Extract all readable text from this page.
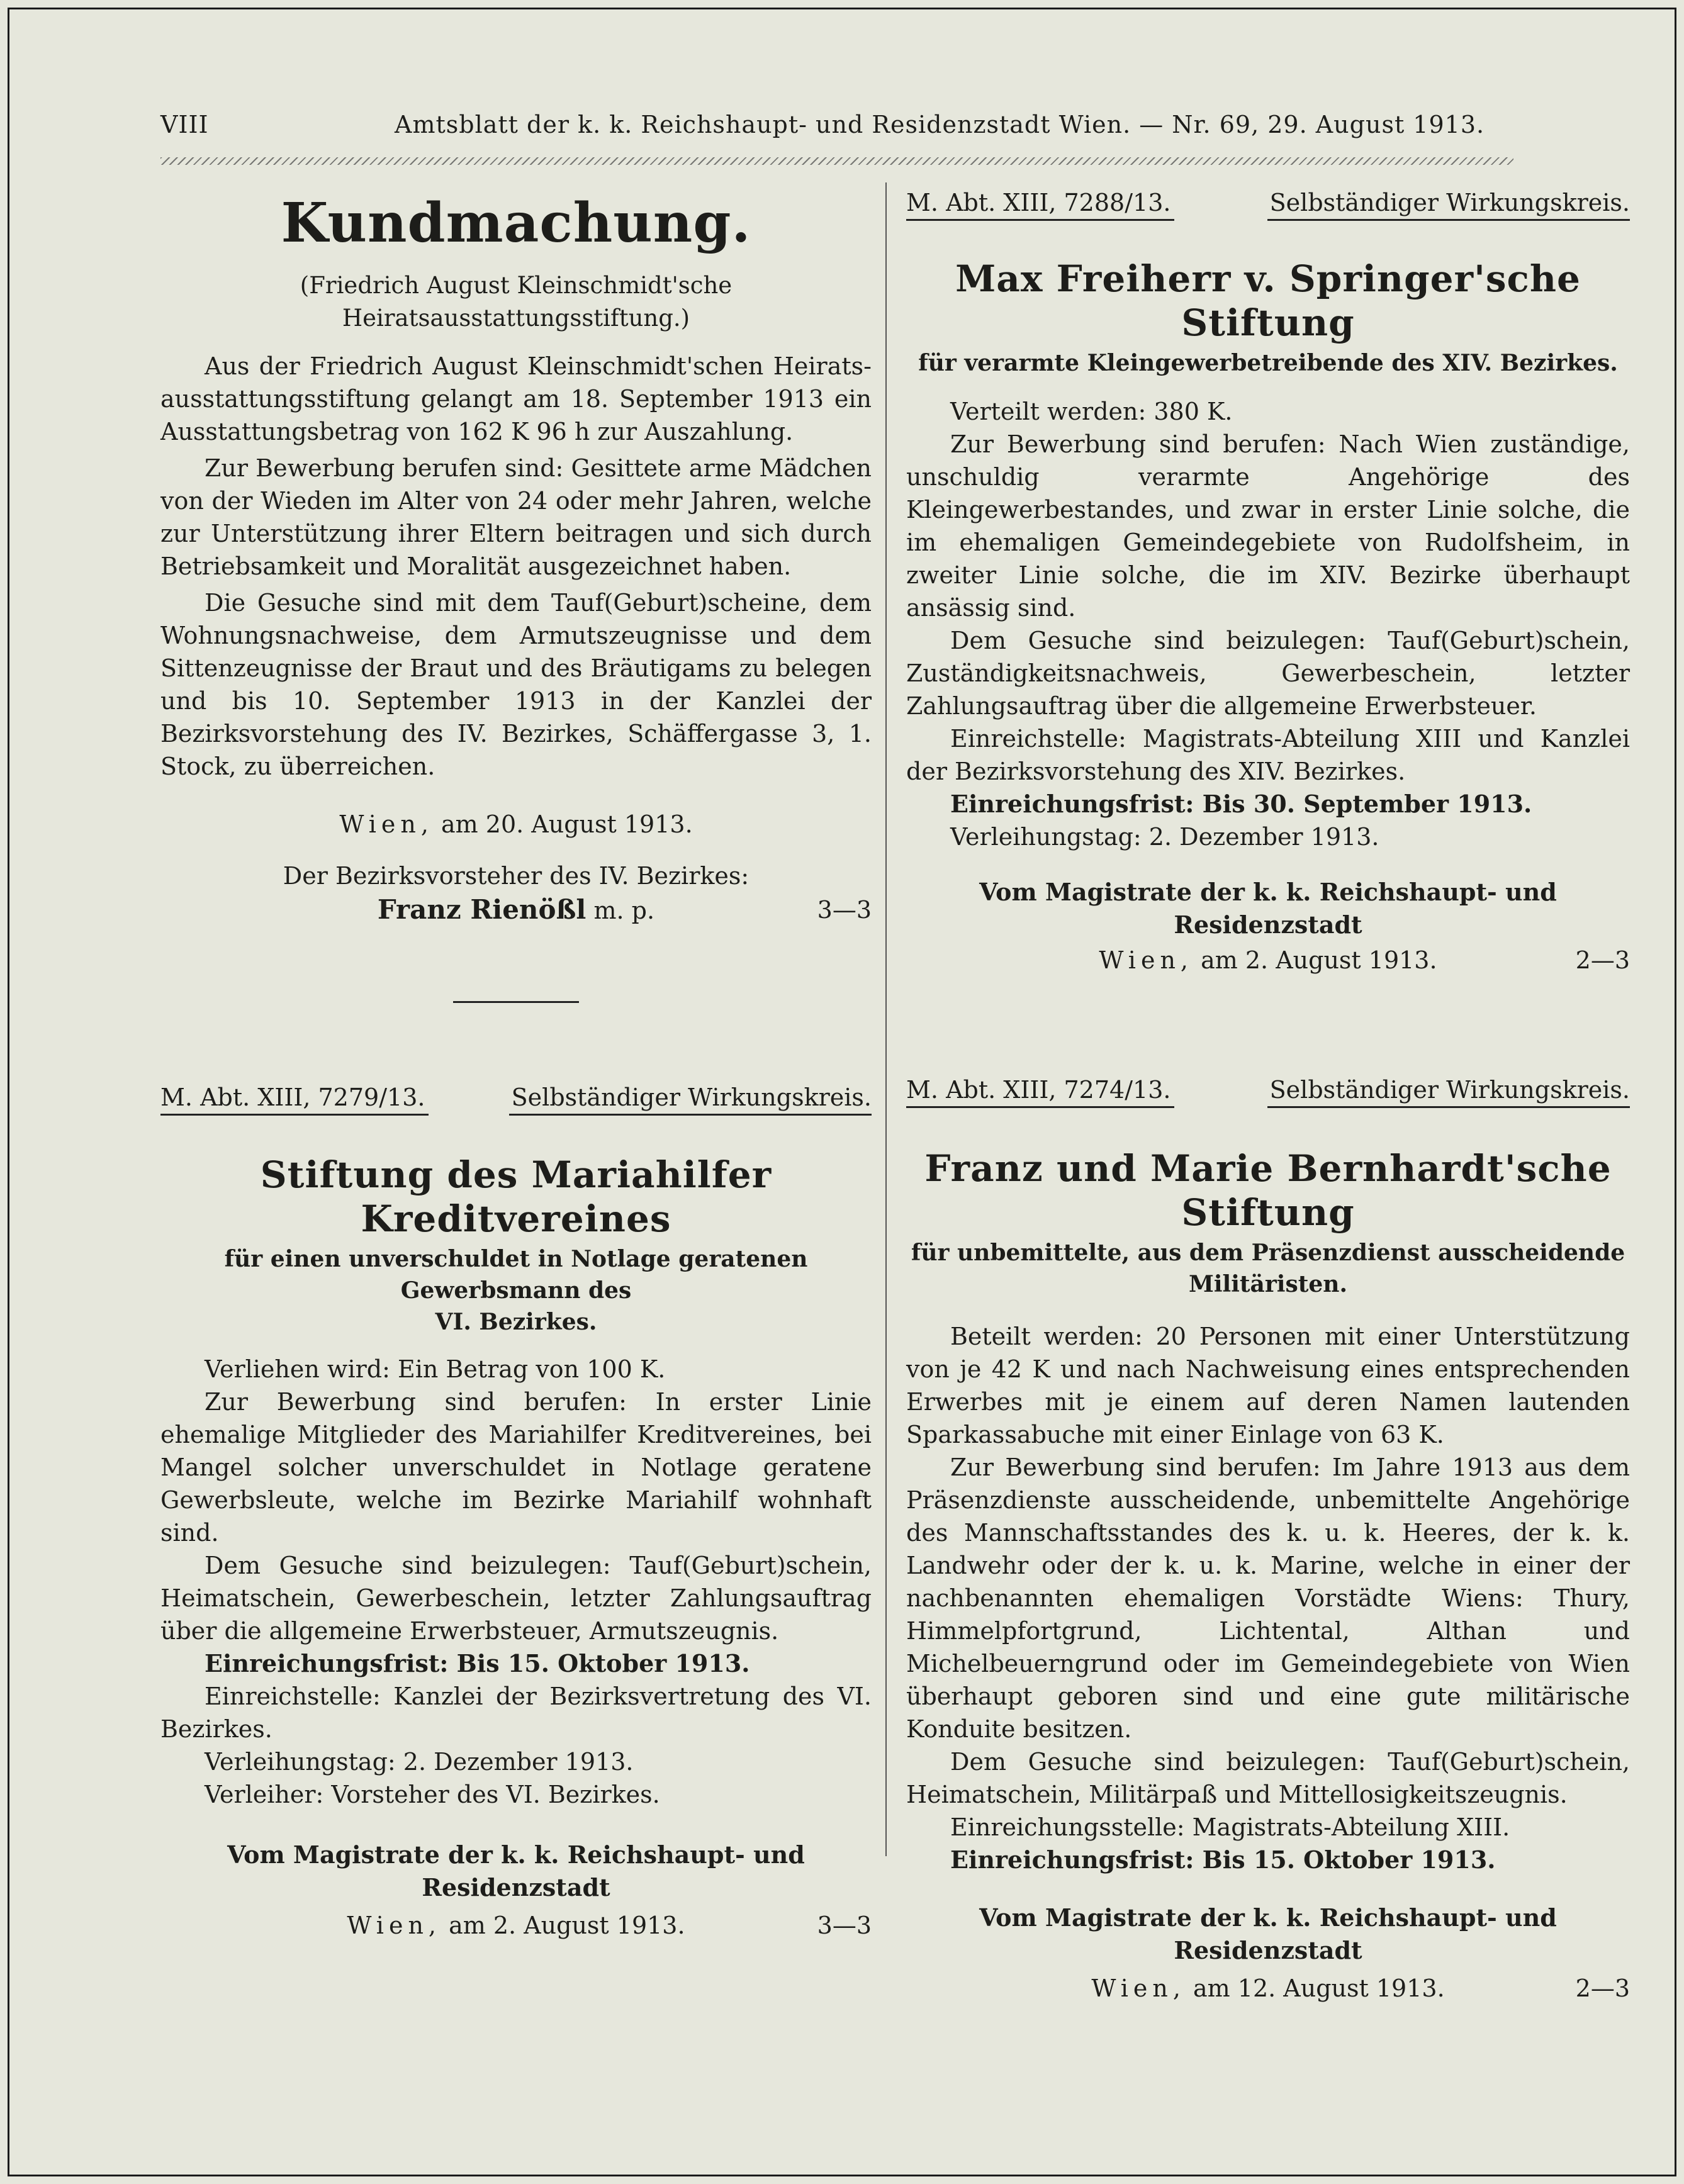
VIII	Amtsblatt der k. k. Reichshaupt- und Residenzstadt Wien. — Nr. 69, 29. August 1913.
Kundmachung.
(Friedrich August Kleinschmidt'sche Heiratsausstattungsstiftung.)

Aus der Friedrich August Kleinschmidt'schen Heiratsausstattungsstiftung gelangt am 18. September 1913 ein Ausstattungsbetrag von 162 K 96 h zur Auszahlung.

Zur Bewerbung berufen sind: Gesittete arme Mädchen von der Wieden im Alter von 24 oder mehr Jahren, welche zur Unterstützung ihrer Eltern beitragen und sich durch Betriebsamkeit und Moralität ausgezeichnet haben.

Die Gesuche sind mit dem Tauf(Geburt)scheine, dem Wohnungsnachweise, dem Armutszeugnisse und dem Sittenzeugnisse der Braut und des Bräutigams zu belegen und bis 10. September 1913 in der Kanzlei der Bezirksvorstehung des IV. Bezirkes, Schäffergasse 3, 1. Stock, zu überreichen.

Wien, am 20. August 1913.
Der Bezirksvorsteher des IV. Bezirkes:
Franz Rienößl m. p.	3—3
M. Abt. XIII, 7279/13.	Selbständiger Wirkungskreis.
Stiftung des Mariahilfer Kreditvereines
für einen unverschuldet in Notlage geratenen Gewerbsmann des
VI. Bezirkes.

Verliehen wird: Ein Betrag von 100 K.

Zur Bewerbung sind berufen: In erster Linie ehemalige Mitglieder des Mariahilfer Kreditvereines, bei Mangel solcher unverschuldet in Notlage geratene Gewerbsleute, welche im Bezirke Mariahilf wohnhaft sind.

Dem Gesuche sind beizulegen: Tauf(Geburt)schein, Heimatschein, Gewerbeschein, letzter Zahlungsauftrag über die allgemeine Erwerbsteuer, Armutszeugnis.

Einreichungsfrist: Bis 15. Oktober 1913.

Einreichstelle: Kanzlei der Bezirksvertretung des VI. Bezirkes.

Verleihungstag: 2. Dezember 1913.

Verleiher: Vorsteher des VI. Bezirkes.

Vom Magistrate der k. k. Reichshaupt- und Residenzstadt
Wien, am 2. August 1913.	3—3
M. Abt. XIII, 7288/13.	Selbständiger Wirkungskreis.
Max Freiherr v. Springer'sche Stiftung
für verarmte Kleingewerbetreibende des XIV. Bezirkes.

Verteilt werden: 380 K.

Zur Bewerbung sind berufen: Nach Wien zuständige, unschuldig verarmte Angehörige des Kleingewerbestandes, und zwar in erster Linie solche, die im ehemaligen Gemeindegebiete von Rudolfsheim, in zweiter Linie solche, die im XIV. Bezirke überhaupt ansässig sind.

Dem Gesuche sind beizulegen: Tauf(Geburt)schein, Zuständigkeitsnachweis, Gewerbeschein, letzter Zahlungsauftrag über die allgemeine Erwerbsteuer.

Einreichstelle: Magistrats-Abteilung XIII und Kanzlei der Bezirksvorstehung des XIV. Bezirkes.

Einreichungsfrist: Bis 30. September 1913.

Verleihungstag: 2. Dezember 1913.

Vom Magistrate der k. k. Reichshaupt- und Residenzstadt
Wien, am 2. August 1913.	2—3
M. Abt. XIII, 7274/13.	Selbständiger Wirkungskreis.
Franz und Marie Bernhardt'sche Stiftung
für unbemittelte, aus dem Präsenzdienst ausscheidende Militäristen.

Beteilt werden: 20 Personen mit einer Unterstützung von je 42 K und nach Nachweisung eines entsprechenden Erwerbes mit je einem auf deren Namen lautenden Sparkassabuche mit einer Einlage von 63 K.

Zur Bewerbung sind berufen: Im Jahre 1913 aus dem Präsenzdienste ausscheidende, unbemittelte Angehörige des Mannschaftsstandes des k. u. k. Heeres, der k. k. Landwehr oder der k. u. k. Marine, welche in einer der nachbenannten ehemaligen Vorstädte Wiens: Thury, Himmelpfortgrund, Lichtental, Althan und Michelbeuerngrund oder im Gemeindegebiete von Wien überhaupt geboren sind und eine gute militärische Konduite besitzen.

Dem Gesuche sind beizulegen: Tauf(Geburt)schein, Heimatschein, Militärpaß und Mittellosigkeitszeugnis.

Einreichungsstelle: Magistrats-Abteilung XIII.

Einreichungsfrist: Bis 15. Oktober 1913.

Vom Magistrate der k. k. Reichshaupt- und Residenzstadt
Wien, am 12. August 1913.	2—3
